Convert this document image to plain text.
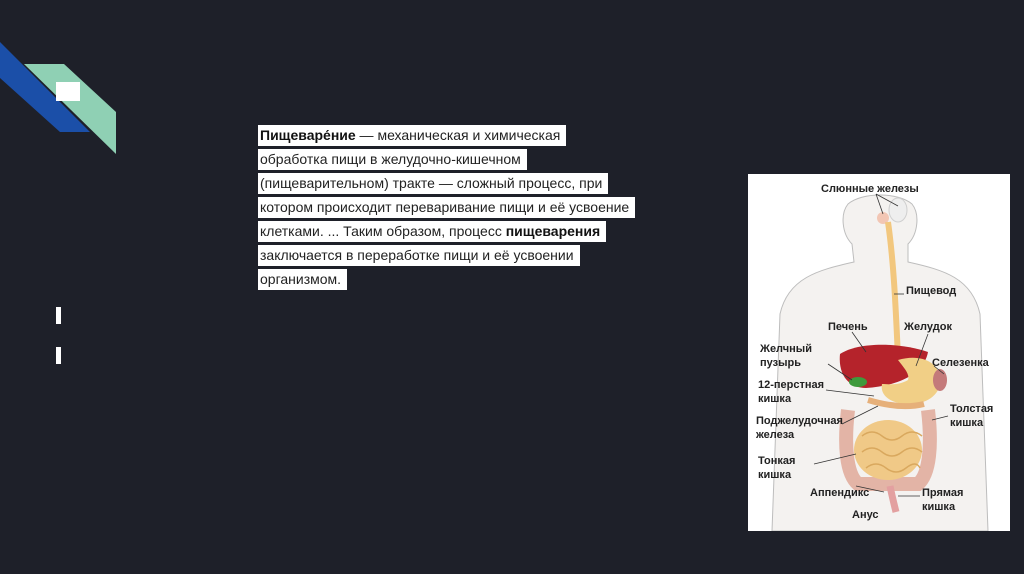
Пищеваре́ние — механическая и химическая
обработка пищи в желудочно-кишечном
(пищеварительном) тракте — сложный процесс, при
котором происходит переваривание пищи и её усвоение
клетками. ... Таким образом, процесс пищеварения
заключается в переработке пищи и её усвоении
организмом.
Слюнные железы
Пищевод
Печень	Желудок
Желчный
пузырь	Селезенка
12-перстная
кишка
Толстая
кишка
Поджелудочная
железа
Тонкая
кишка
Аппендикс	Прямая
кишка
Анус
